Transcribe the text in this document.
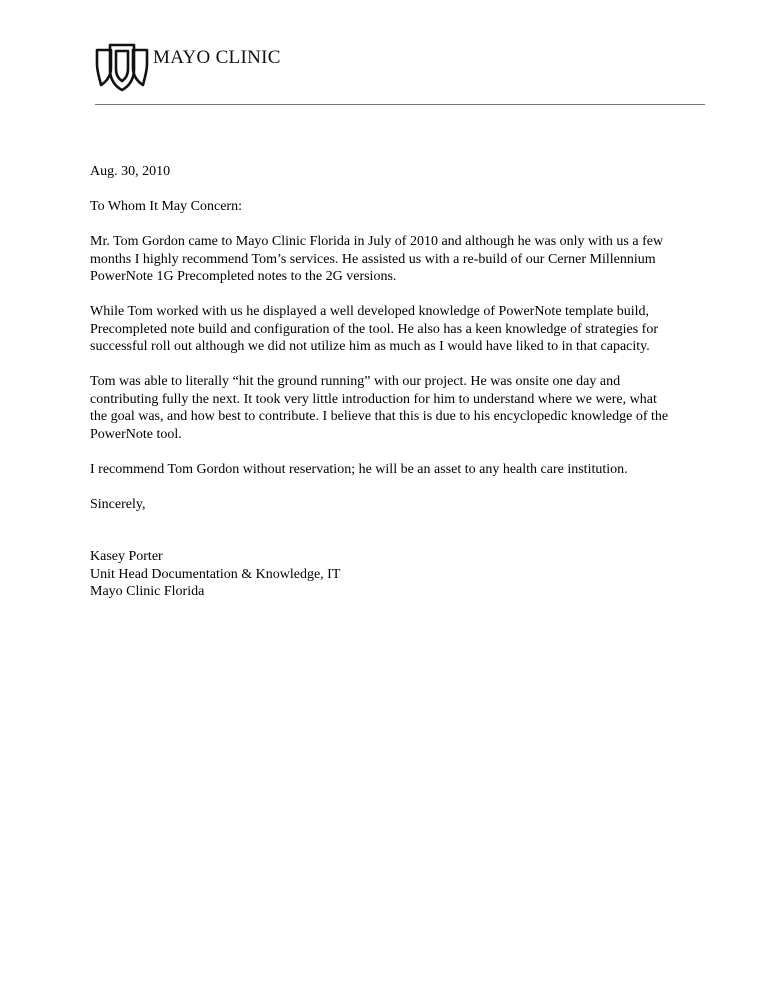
MAYO CLINIC

Aug. 30, 2010

To Whom It May Concern:

Mr. Tom Gordon came to Mayo Clinic Florida in July of 2010 and although he was only with us a few
months I highly recommend Tom’s services. He assisted us with a re-build of our Cerner Millennium
PowerNote 1G Precompleted notes to the 2G versions.

While Tom worked with us he displayed a well developed knowledge of PowerNote template build,
Precompleted note build and configuration of the tool. He also has a keen knowledge of strategies for
successful roll out although we did not utilize him as much as I would have liked to in that capacity.

Tom was able to literally “hit the ground running” with our project. He was onsite one day and
contributing fully the next. It took very little introduction for him to understand where we were, what
the goal was, and how best to contribute. I believe that this is due to his encyclopedic knowledge of the
PowerNote tool.

I recommend Tom Gordon without reservation; he will be an asset to any health care institution.

Sincerely,

Kasey Porter
Unit Head Documentation & Knowledge, IT
Mayo Clinic Florida
